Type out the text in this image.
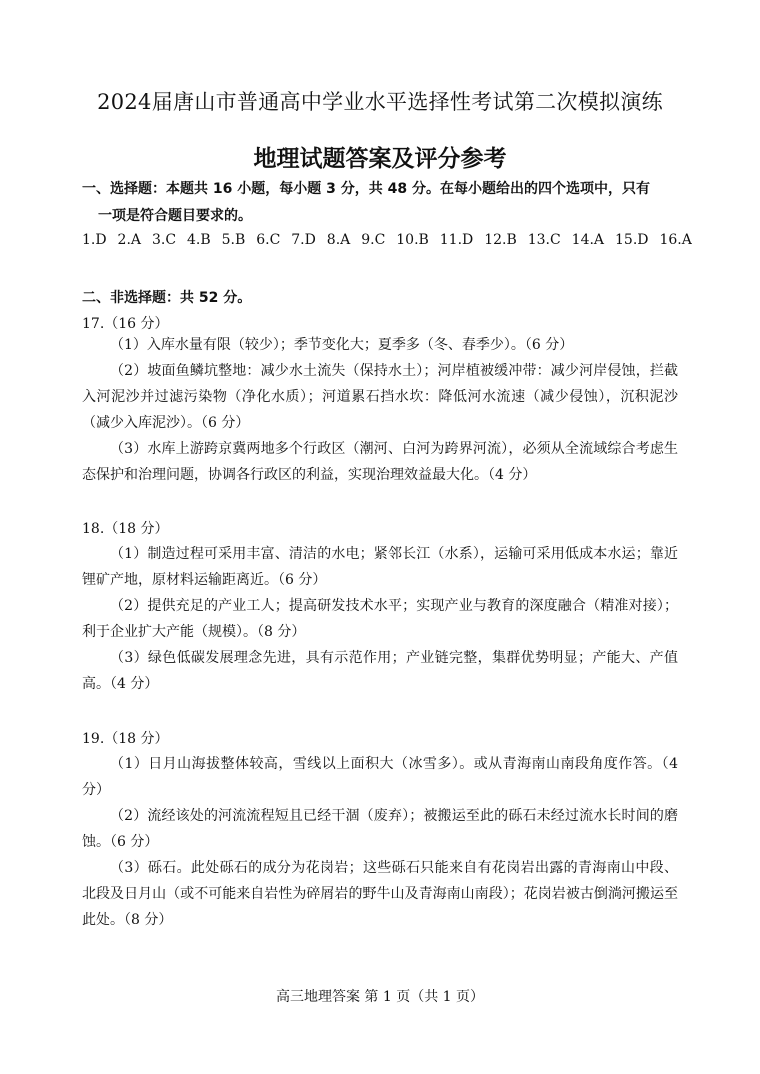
2024届唐山市普通高中学业水平选择性考试第二次模拟演练
地理试题答案及评分参考
一、选择题：本题共 16 小题，每小题 3 分，共 48 分。在每小题给出的四个选项中，只有
一项是符合题目要求的。
1.D 2.A 3.C 4.B 5.B 6.C 7.D 8.A 9.C 10.B 11.D 12.B 13.C 14.A 15.D 16.A
二、非选择题：共 52 分。
17.（16 分）
（1）入库水量有限（较少）；季节变化大；夏季多（冬、春季少）。（6 分）
（2）坡面鱼鳞坑整地：减少水土流失（保持水土）；河岸植被缓冲带：减少河岸侵蚀，拦截入河泥沙并过滤污染物（净化水质）；河道累石挡水坎：降低河水流速（减少侵蚀），沉积泥沙（减少入库泥沙）。（6 分）
（3）水库上游跨京冀两地多个行政区（潮河、白河为跨界河流），必须从全流域综合考虑生态保护和治理问题，协调各行政区的利益，实现治理效益最大化。（4 分）
18.（18 分）
（1）制造过程可采用丰富、清洁的水电；紧邻长江（水系），运输可采用低成本水运；靠近锂矿产地，原材料运输距离近。（6 分）
（2）提供充足的产业工人；提高研发技术水平；实现产业与教育的深度融合（精准对接）；利于企业扩大产能（规模）。（8 分）
（3）绿色低碳发展理念先进，具有示范作用；产业链完整，集群优势明显；产能大、产值高。（4 分）
19.（18 分）
（1）日月山海拔整体较高，雪线以上面积大（冰雪多）。或从青海南山南段角度作答。（4 分）
（2）流经该处的河流流程短且已经干涸（废弃）；被搬运至此的砾石未经过流水长时间的磨蚀。（6 分）
（3）砾石。此处砾石的成分为花岗岩；这些砾石只能来自有花岗岩出露的青海南山中段、北段及日月山（或不可能来自岩性为碎屑岩的野牛山及青海南山南段）；花岗岩被古倒淌河搬运至此处。（8 分）
高三地理答案 第 1 页（共 1 页）
